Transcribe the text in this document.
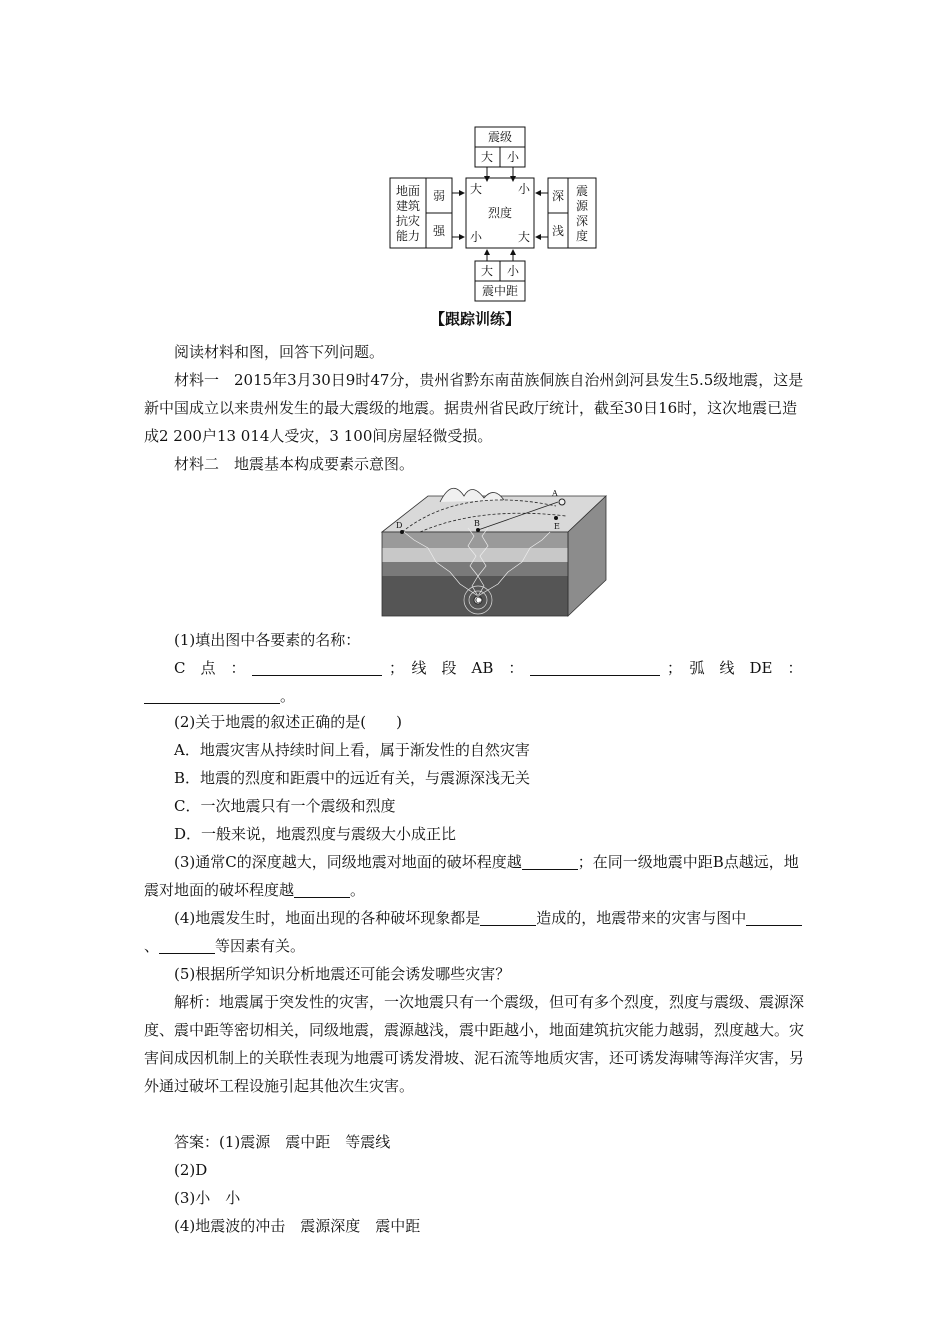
震级
大 小
地面
建筑
抗灾
能力
弱
强
烈度
大	小
小	大
深
浅
震
源
深
度
大 小
震中距
【跟踪训练】
阅读材料和图，回答下列问题。
材料一　2015年3月30日9时47分，贵州省黔东南苗族侗族自治州剑河县发生5.5级地震，这是新中国成立以来贵州发生的最大震级的地震。据贵州省民政厅统计，截至30日16时，这次地震已造成2 200户13 014人受灾，3 100间房屋轻微受损。
材料二　地震基本构成要素示意图。
A
B
C
D	E
(1)填出图中各要素的名称：
C　点　：	；　线　段　AB　：	；　弧　线　DE　：
。
(2)关于地震的叙述正确的是(　　)
A．地震灾害从持续时间上看，属于渐发性的自然灾害
B．地震的烈度和距震中的远近有关，与震源深浅无关
C．一次地震只有一个震级和烈度
D．一般来说，地震烈度与震级大小成正比
(3)通常C的深度越大，同级地震对地面的破坏程度越	；在同一级地震中距B点越远，地震对地面的破坏程度越	。
(4)地震发生时，地面出现的各种破坏现象都是	造成的，地震带来的灾害与图中、	等因素有关。
(5)根据所学知识分析地震还可能会诱发哪些灾害？
解析：地震属于突发性的灾害，一次地震只有一个震级，但可有多个烈度，烈度与震级、震源深度、震中距等密切相关，同级地震，震源越浅，震中距越小，地面建筑抗灾能力越弱，烈度越大。灾害间成因机制上的关联性表现为地震可诱发滑坡、泥石流等地质灾害，还可诱发海啸等海洋灾害，另外通过破坏工程设施引起其他次生灾害。
答案：(1)震源　震中距　等震线
(2)D
(3)小　小
(4)地震波的冲击　震源深度　震中距
